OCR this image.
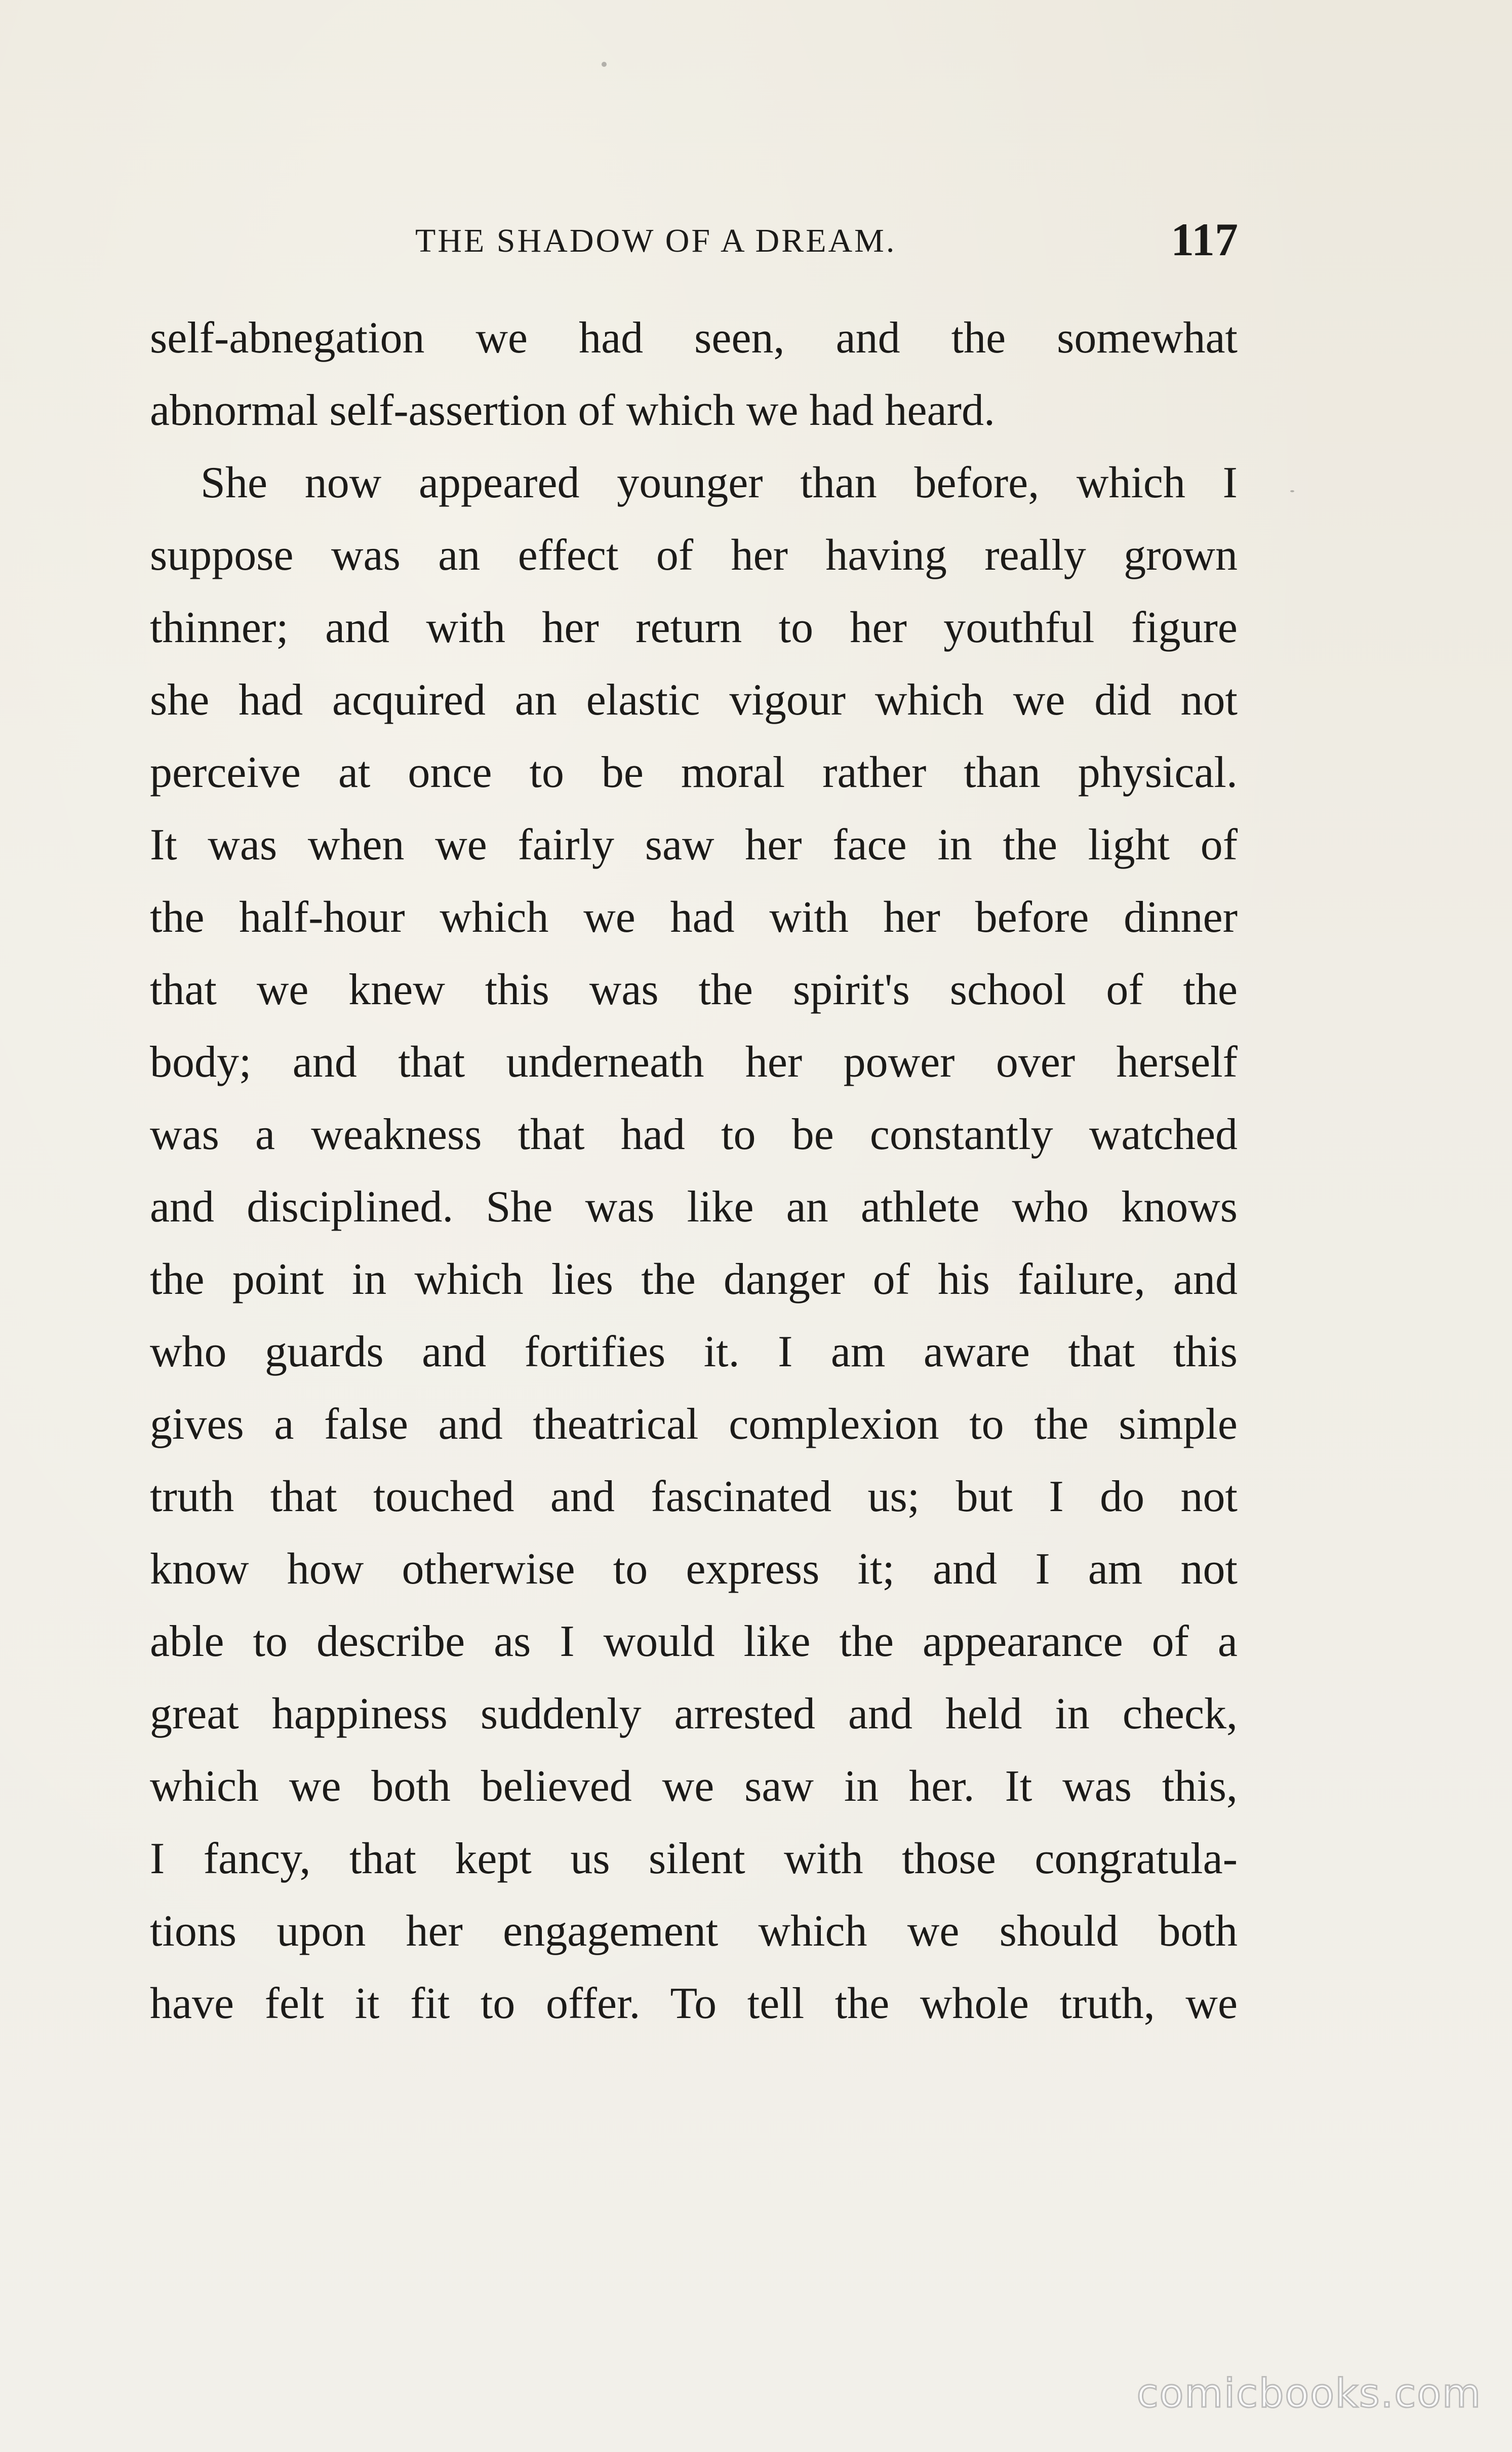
THE SHADOW OF A DREAM.	117
self-abnegation we had seen, and the somewhat
abnormal self-assertion of which we had heard.
She now appeared younger than before, which I
suppose was an effect of her having really grown
thinner; and with her return to her youthful figure
she had acquired an elastic vigour which we did not
perceive at once to be moral rather than physical.
It was when we fairly saw her face in the light of
the half-hour which we had with her before dinner
that we knew this was the spirit's school of the
body; and that underneath her power over herself
was a weakness that had to be constantly watched
and disciplined. She was like an athlete who knows
the point in which lies the danger of his failure, and
who guards and fortifies it. I am aware that this
gives a false and theatrical complexion to the simple
truth that touched and fascinated us; but I do not
know how otherwise to express it; and I am not
able to describe as I would like the appearance of a
great happiness suddenly arrested and held in check,
which we both believed we saw in her. It was this,
I fancy, that kept us silent with those congratula-
tions upon her engagement which we should both
have felt it fit to offer. To tell the whole truth, we
comicbooks.com
